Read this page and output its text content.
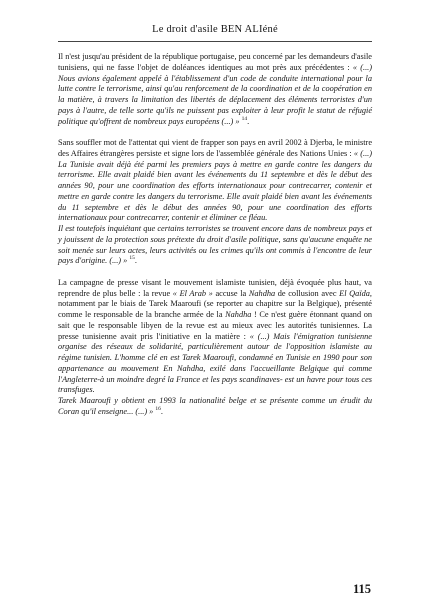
Le droit d'asile BEN ALIéné

Il n'est jusqu'au président de la république portugaise, peu concerné par les demandeurs d'asile tunisiens, qui ne fasse l'objet de doléances identiques au mot près aux précédentes : « (...) Nous avions également appelé à l'établissement d'un code de conduite international pour la lutte contre le terrorisme, ainsi qu'au renforcement de la coordination et de la coopération en la matière, à travers la limitation des libertés de déplacement des éléments terroristes d'un pays à l'autre, de telle sorte qu'ils ne puissent pas exploiter à leur profit le statut de réfugié politique qu'offrent de nombreux pays européens (...) » $^{14}$.

Sans souffler mot de l'attentat qui vient de frapper son pays en avril 2002 à Djerba, le ministre des Affaires étrangères persiste et signe lors de l'assemblée générale des Nations Unies : « (...) La Tunisie avait déjà été parmi les premiers pays à mettre en garde contre les dangers du terrorisme. Elle avait plaidé bien avant les événements du 11 septembre et dès le début des années 90, pour une coordination des efforts internationaux pour contrecarrer, contenir et mettre en garde contre les dangers du terrorisme. Elle avait plaidé bien avant les événements du 11 septembre et dès le début des années 90, pour une coordination des efforts internationaux pour contrecarrer, contenir et éliminer ce fléau.

Il est toutefois inquiétant que certains terroristes se trouvent encore dans de nombreux pays et y jouissent de la protection sous prétexte du droit d'asile politique, sans qu'aucune enquête ne soit menée sur leurs actes, leurs activités ou les crimes qu'ils ont commis à l'encontre de leur pays d'origine. (...) » $^{15}$.

La campagne de presse visant le mouvement islamiste tunisien, déjà évoquée plus haut, va reprendre de plus belle : la revue « El Arab » accuse la Nahdha de collusion avec El Qaïda, notamment par le biais de Tarek Maaroufi (se reporter au chapitre sur la Belgique), présenté comme le responsable de la branche armée de la Nahdha ! Ce n'est guère étonnant quand on sait que le responsable libyen de la revue est au mieux avec les autorités tunisiennes. La presse tunisienne avait pris l'initiative en la matière : « (...) Mais l'émigration tunisienne organise des réseaux de solidarité, particulièrement autour de l'opposition islamiste au régime tunisien. L'homme clé en est Tarek Maaroufi, condamné en Tunisie en 1990 pour son appartenance au mouvement En Nahdha, exilé dans l'accueillante Belgique qui comme l'Angleterre-à un moindre degré la France et les pays scandinaves- est un havre pour tous ces transfuges.

Tarek Maaroufi y obtient en 1993 la nationalité belge et se présente comme un érudit du Coran qu'il enseigne... (...) » $^{16}$.

115
